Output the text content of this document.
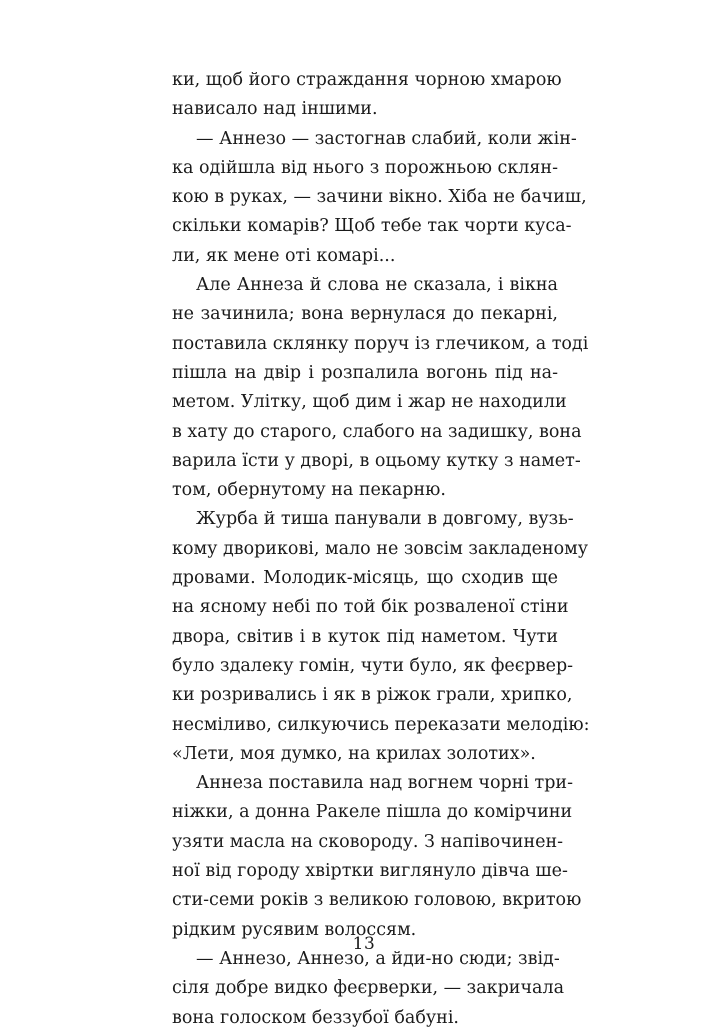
ки, щоб його страждання чорною хмарою
нависало над іншими.
— Аннезо — застогнав слабий, коли жін-
ка одійшла від нього з порожньою склян-
кою в руках, — зачини вікно. Хіба не бачиш,
скільки комарів? Щоб тебе так чорти куса-
ли, як мене оті комарі...
Але Аннеза й слова не сказала, і вікна
не зачинила; вона вернулася до пекарні,
поставила склянку поруч із глечиком, а тоді
пішла на двір і розпалила вогонь під на-
метом. Улітку, щоб дим і жар не находили
в хату до старого, слабого на задишку, вона
варила їсти у дворі, в оцьому кутку з намет-
том, обернутому на пекарню.
Журба й тиша панували в довгому, вузь-
кому дворикові, мало не зовсім закладеному
дровами. Молодик-місяць, що сходив ще
на ясному небі по той бік розваленої стіни
двора, світив і в куток під наметом. Чути
було здалеку гомін, чути було, як феєрвер-
ки розривались і як в ріжок грали, хрипко,
несміливо, силкуючись переказати мелодію:
«Лети, моя думко, на крилах золотих».
Аннеза поставила над вогнем чорні три-
ніжки, а донна Ракеле пішла до комірчини
узяти масла на сковороду. З напівочинен-
ної від городу хвіртки виглянуло дівча ше-
сти-семи років з великою головою, вкритою
рідким русявим волоссям.
— Аннезо, Аннезо, а йди-но сюди; звід-
сіля добре видко феєрверки, — закричала
вона голоском беззубої бабуні.
13
